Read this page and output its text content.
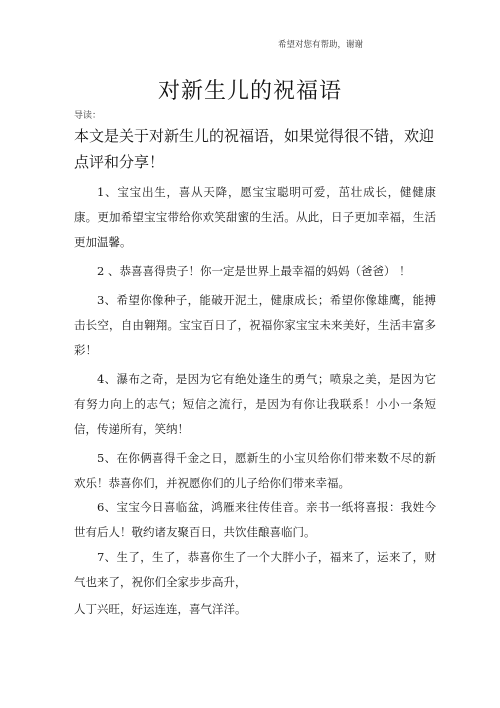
希望对您有帮助，谢谢
对新生儿的祝福语
导读：
本文是关于对新生儿的祝福语，如果觉得很不错，欢迎点评和分享！
1、宝宝出生，喜从天降，愿宝宝聪明可爱，茁壮成长，健健康康。更加希望宝宝带给你欢笑甜蜜的生活。从此，日子更加幸福，生活更加温馨。
2 、恭喜喜得贵子！你一定是世界上最幸福的妈妈（爸爸） ！
3、希望你像种子，能破开泥土，健康成长；希望你像雄鹰，能搏击长空，自由翱翔。宝宝百日了，祝福你家宝宝未来美好，生活丰富多彩！
4、瀑布之奇，是因为它有绝处逢生的勇气；喷泉之美，是因为它有努力向上的志气；短信之流行，是因为有你让我联系！小小一条短信，传递所有，笑纳！
5、在你俩喜得千金之日，愿新生的小宝贝给你们带来数不尽的新欢乐！恭喜你们，并祝愿你们的儿子给你们带来幸福。
6、宝宝今日喜临盆，鸿雁来往传佳音。亲书一纸将喜报：我姓今世有后人！敬约诸友聚百日，共饮佳酿喜临门。
7、生了，生了，恭喜你生了一个大胖小子，福来了，运来了，财气也来了，祝你们全家步步高升，
人丁兴旺，好运连连，喜气洋洋。
